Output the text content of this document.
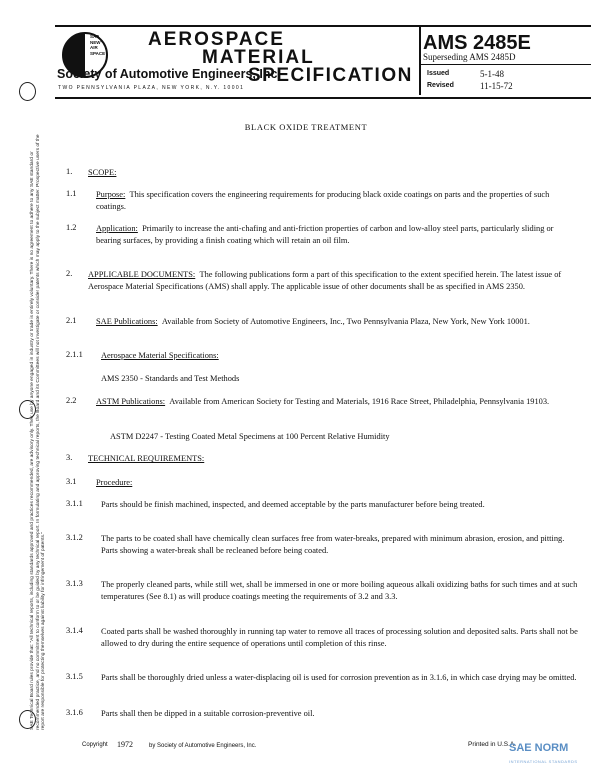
SAE
NEW
AIR
SPACE
AEROSPACE
MATERIAL
SPECIFICATION
Society of Automotive Engineers, Inc.
TWO PENNSYLVANIA PLAZA, NEW YORK, N.Y. 10001
AMS 2485E
Superseding AMS 2485D
Issued	5-1-48
Revised	11-15-72
SAE Technical Board rules provide that: "All technical reports, including standards approved and practices recommended, are advisory only. Their use by anyone engaged in industry or trade is entirely voluntary. There is no agreement to adhere to any SAE standard or recommended practice, and no commitment to conform to or be guided by any technical report. In formulating and approving technical reports, the Board and its Committees will not investigate or consider patents which may apply to the subject matter. Prospective users of the report are responsible for protecting themselves against liability for infringement of patents."
BLACK OXIDE TREATMENT
1. SCOPE:
1.1 Purpose: This specification covers the engineering requirements for producing black oxide coatings on parts and the properties of such coatings.
1.2 Application: Primarily to increase the anti-chafing and anti-friction properties of carbon and low-alloy steel parts, particularly sliding or bearing surfaces, by providing a finish coating which will retain an oil film.
2. APPLICABLE DOCUMENTS: The following publications form a part of this specification to the extent specified herein. The latest issue of Aerospace Material Specifications (AMS) shall apply. The applicable issue of other documents shall be as specified in AMS 2350.
2.1 SAE Publications: Available from Society of Automotive Engineers, Inc., Two Pennsylvania Plaza, New York, New York 10001.
2.1.1 Aerospace Material Specifications:
AMS 2350 - Standards and Test Methods
2.2 ASTM Publications: Available from American Society for Testing and Materials, 1916 Race Street, Philadelphia, Pennsylvania 19103.
ASTM D2247 - Testing Coated Metal Specimens at 100 Percent Relative Humidity
3. TECHNICAL REQUIREMENTS:
3.1 Procedure:
3.1.1 Parts should be finish machined, inspected, and deemed acceptable by the parts manufacturer before being treated.
3.1.2 The parts to be coated shall have chemically clean surfaces free from water-breaks, prepared with minimum abrasion, erosion, and pitting. Parts showing a water-break shall be recleaned before being coated.
3.1.3 The properly cleaned parts, while still wet, shall be immersed in one or more boiling aqueous alkali oxidizing baths for such times and at such temperatures (See 8.1) as will produce coatings meeting the requirements of 3.2 and 3.3.
3.1.4 Coated parts shall be washed thoroughly in running tap water to remove all traces of processing solution and deposited salts. Parts shall not be allowed to dry during the entire sequence of operations until completion of this rinse.
3.1.5 Parts shall be thoroughly dried unless a water-displacing oil is used for corrosion prevention as in 3.1.6, in which case drying may be omitted.
3.1.6 Parts shall then be dipped in a suitable corrosion-preventive oil.
Copyright 1972	by Society of Automotive Engineers, Inc.	Printed in U.S.A.
SAE NORM
INTERNATIONAL STANDARDS
